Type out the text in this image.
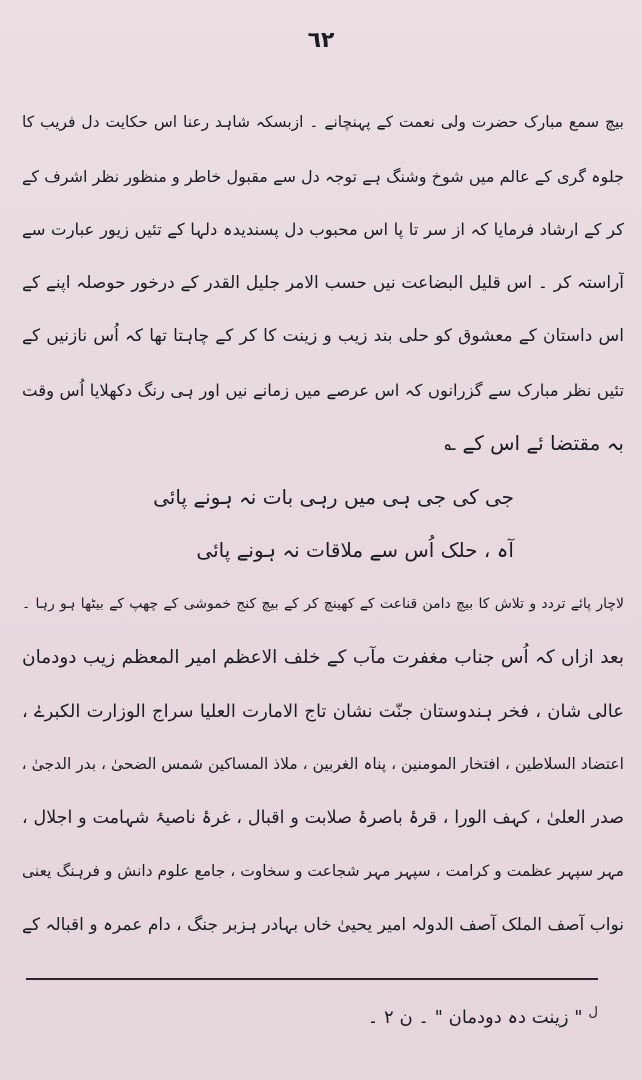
٦٢
بیچ سمع مبارک حضرت ولی نعمت کے پہنچانے ۔ ازبسکہ شاہد رعنا اس حکایت دل فریب کا
جلوہ گری کے عالم میں شوخ وشنگ ہے توجہ دل سے مقبول خاطر و منظور نظر اشرف کے
کر کے ارشاد فرمایا کہ از سر تا پا اس محبوب دل پسندیدہ دلہا کے تئیں زیور عبارت سے
آراستہ کر ۔ اس قلیل البضاعت نیں حسب الامر جلیل القدر کے درخور حوصلہ اپنے کے
اس داستان کے معشوق کو حلی بند زیب و زینت کا کر کے چاہتا تھا کہ اُس نازنیں کے
تئیں نظر مبارک سے گزرانوں کہ اس عرصے میں زمانے نیں اور ہی رنگ دکھلایا اُس وقت
بہ مقتضا ئے اس کے ؎
جی کی جی ہی میں رہی بات نہ ہونے پائی
آہ ، حلک اُس سے ملاقات نہ ہونے پائی
لاچار پائے تردد و تلاش کا بیچ دامن قناعت کے کھینچ کر کے بیچ کنج خموشی کے چھپ کے بیٹھا ہو رہا ۔
بعد ازاں کہ اُس جناب مغفرت مآب کے خلف الاعظم امیر المعظم زیب دودمان
عالی شان ، فخر ہندوستان جنّت نشان تاج الامارت العلیا سراج الوزارت الکبرےٰ ،
اعتضاد السلاطین ، افتخار المومنین ، پناہ الغربین ، ملاذ المساکین شمس الضحیٰ ، بدر الدجیٰ ،
صدر العلیٰ ، کہف الورا ، قرۂ باصرۂ صلابت و اقبال ، غرۂ ناصیۂ شہامت و اجلال ،
مہر سپہر عظمت و کرامت ، سپہر مہر شجاعت و سخاوت ، جامع علوم دانش و فرہنگ یعنی
نواب آصف الملک آصف الدولہ امیر یحییٰ خاں بہادر ہزبر جنگ ، دام عمرہ و اقبالہ کے
$^ل$" زینت دہ دودمان " ۔ ن ۲ ۔
